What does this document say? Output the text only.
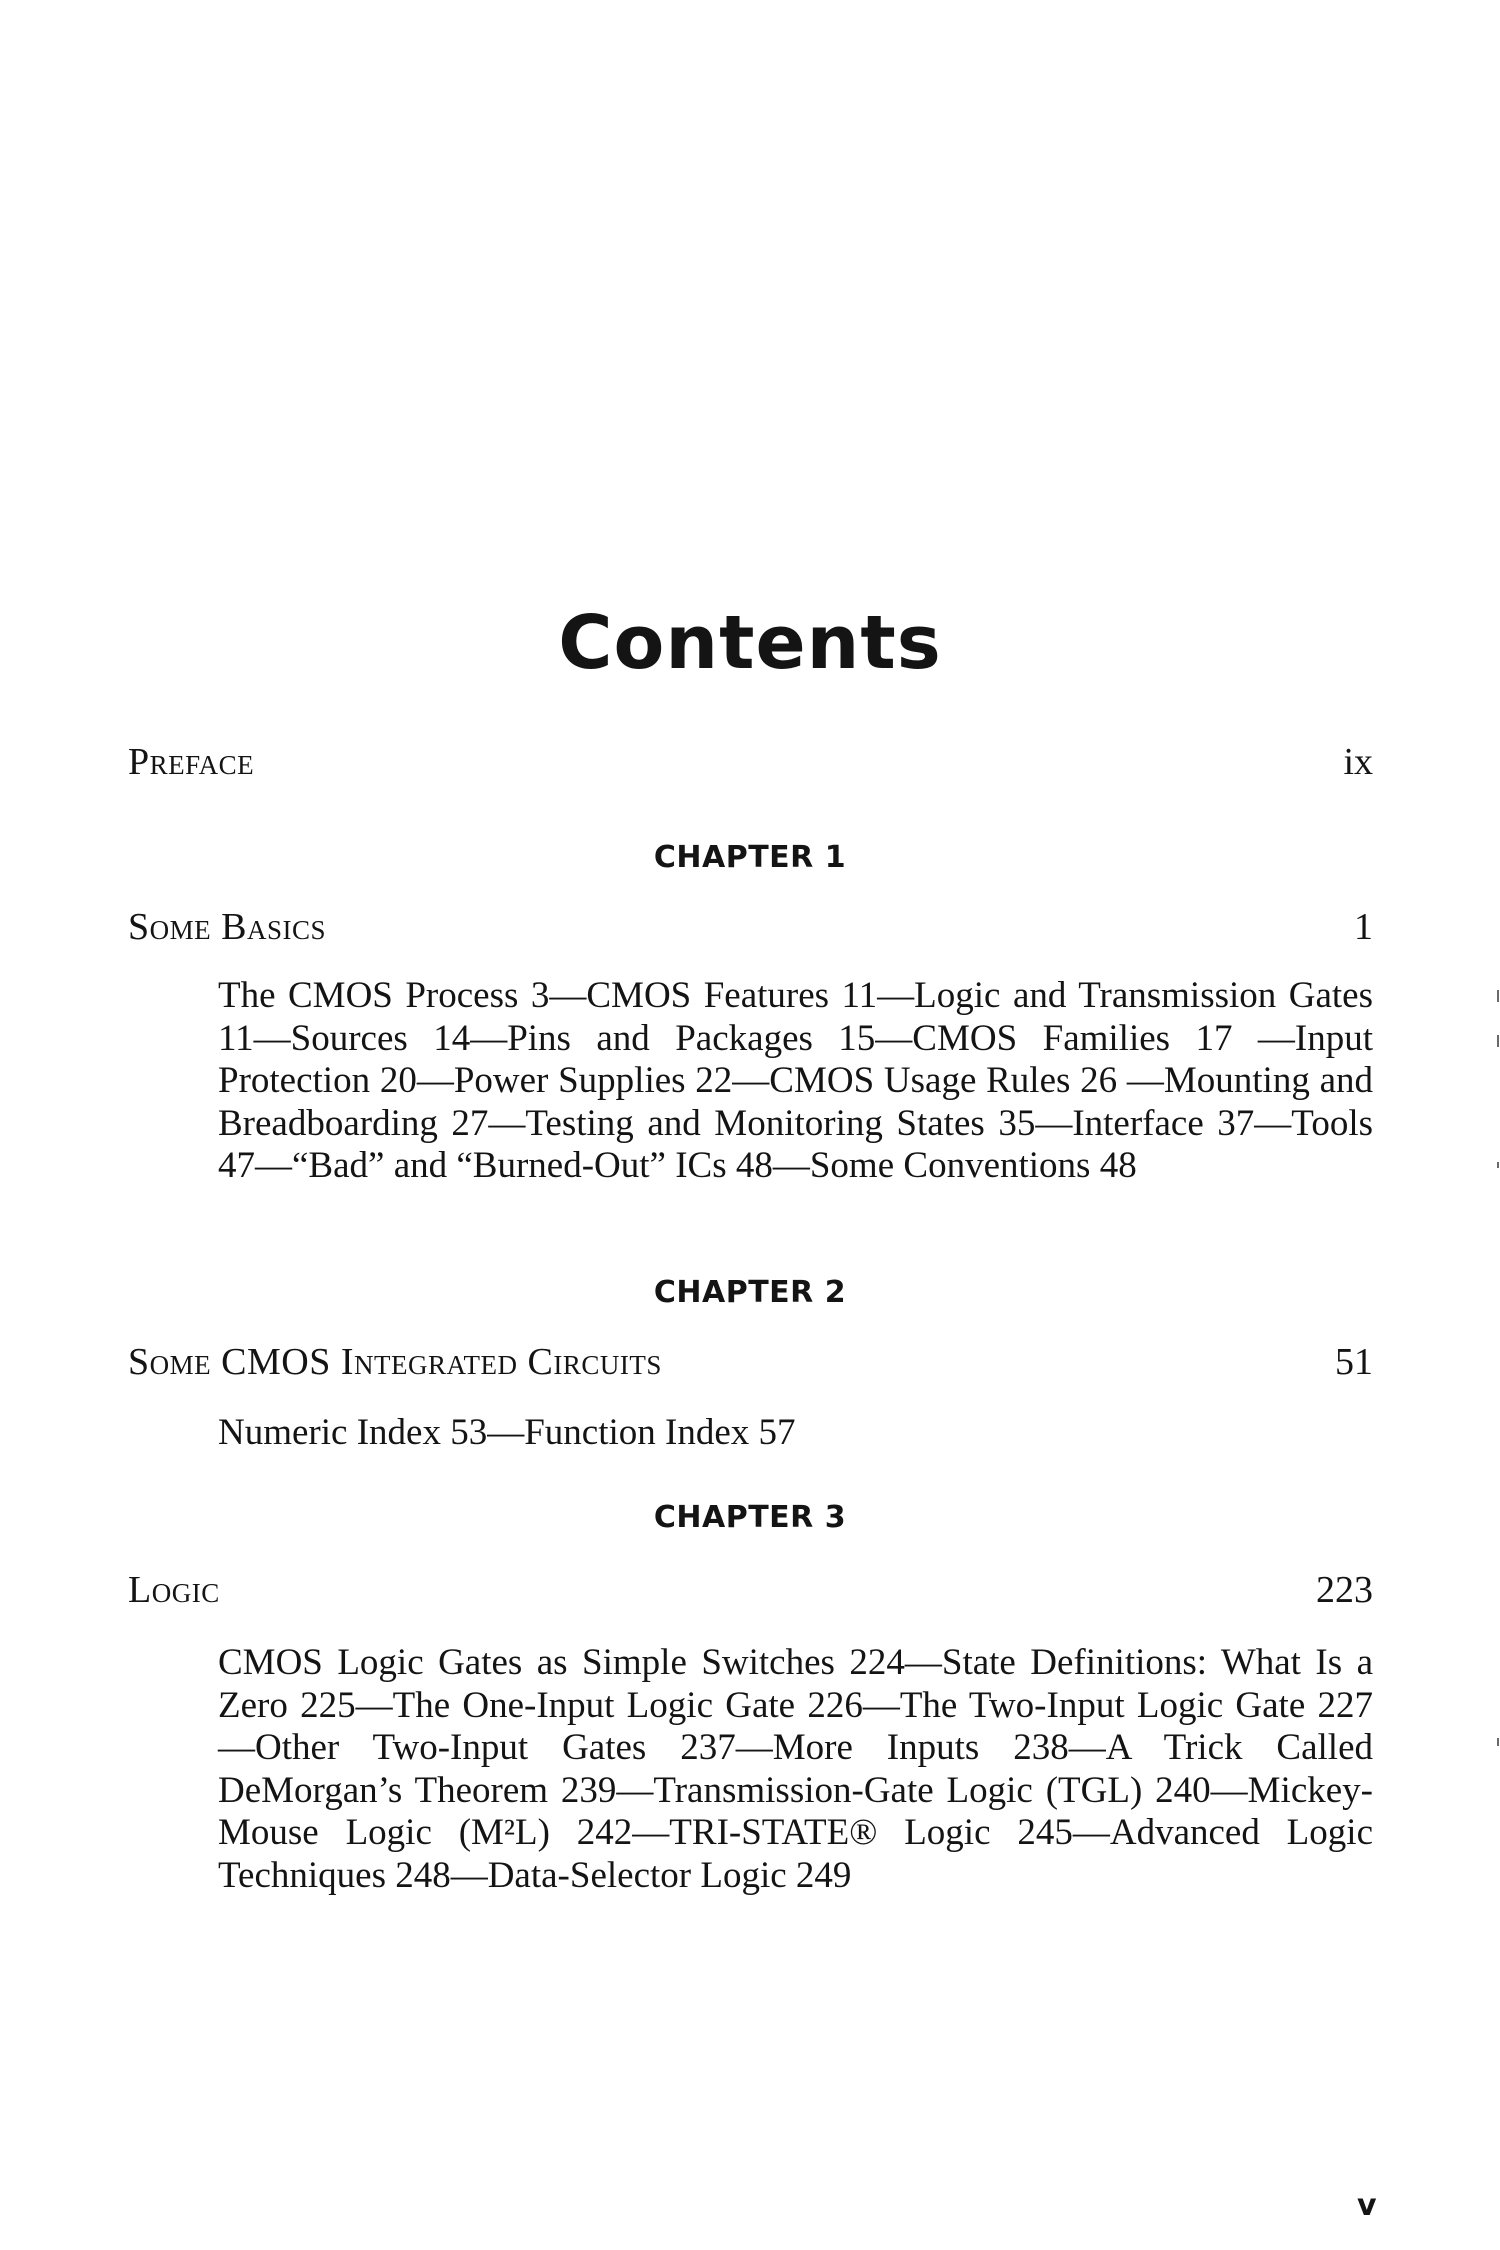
Contents
Preface	ix
CHAPTER 1
Some Basics	1

The CMOS Process 3—CMOS Features 11—Logic and Transmission Gates 11—Sources 14—Pins and Packages 15—CMOS Families 17 —Input Protection 20—Power Supplies 22—CMOS Usage Rules 26 —Mounting and Breadboarding 27—Testing and Monitoring States 35—Interface 37—Tools 47—“Bad” and “Burned-Out” ICs 48—Some Conventions 48

CHAPTER 2
Some CMOS Integrated Circuits	51

Numeric Index 53—Function Index 57

CHAPTER 3
Logic	223

CMOS Logic Gates as Simple Switches 224—State Definitions: What Is a Zero 225—The One-Input Logic Gate 226—The Two-Input Logic Gate 227—Other Two-Input Gates 237—More Inputs 238—A Trick Called DeMorgan’s Theorem 239—Transmission-Gate Logic (TGL) 240—Mickey-Mouse Logic (M²L) 242—TRI-STATE® Logic 245—Advanced Logic Techniques 248—Data-Selector Logic 249

v
